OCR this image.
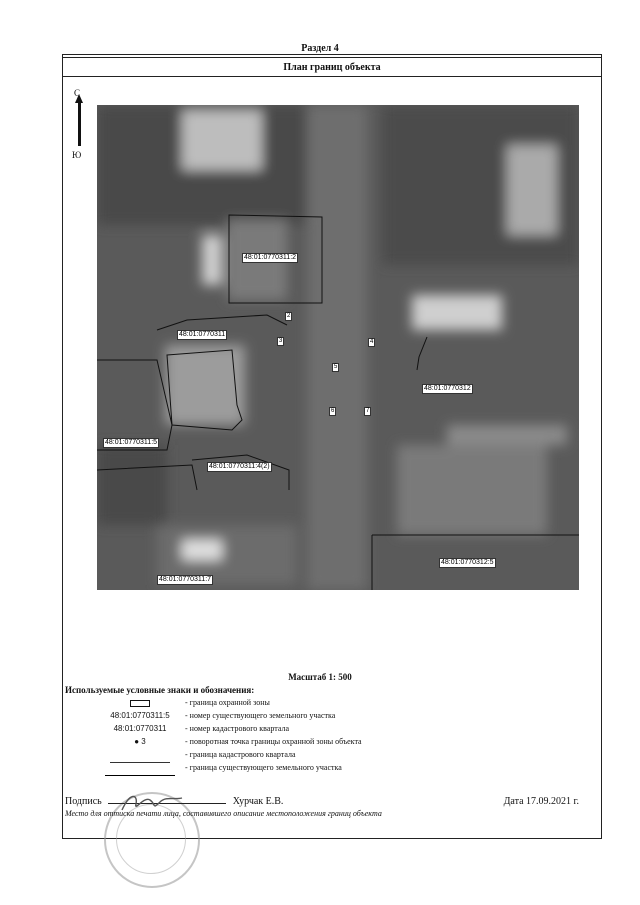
Раздел 4
План границ объекта
С
Ю
48:01:0770311:2
48:01:0770311
48:01:0770311:5
48:01:0770311:4(2)
48:01:0770312
48:01:0770312:5
48:01:0770311:7
2
3	4
5
6	7
Масштаб 1: 500
Используемые условные знаки и обозначения:
- граница охранной зоны
48:01:0770311:5	- номер существующего земельного участка
48:01:0770311	- номер кадастрового квартала
● 3	- поворотная точка границы охранной зоны объекта
- граница кадастрового квартала
- граница существующего земельного участка
Подпись	Хурчак Е.В.	Дата 17.09.2021 г.
Место для оттиска печати лица, составившего описание местоположения границ объекта
